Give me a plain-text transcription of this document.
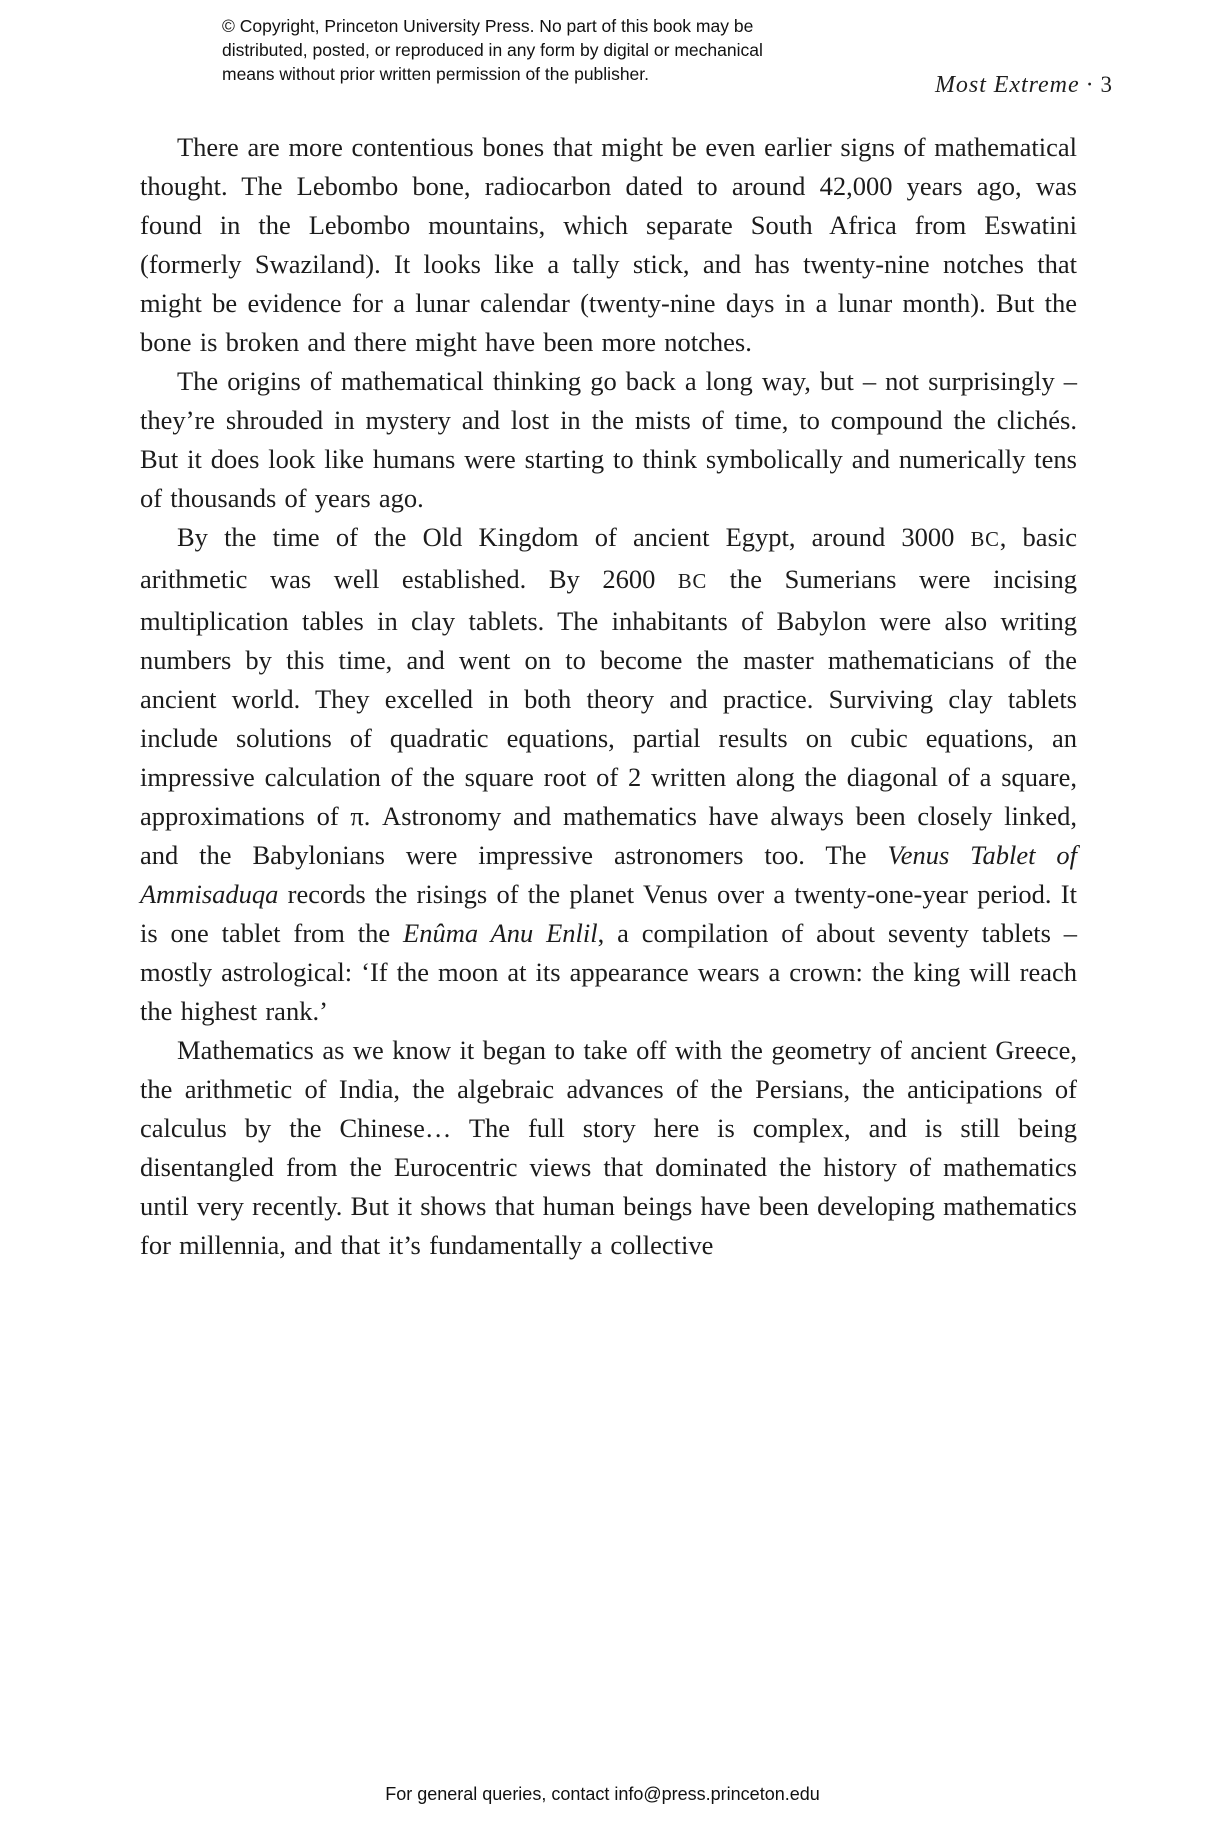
© Copyright, Princeton University Press. No part of this book may be
distributed, posted, or reproduced in any form by digital or mechanical
means without prior written permission of the publisher.	Most Extreme · 3

There are more contentious bones that might be even earlier signs of mathematical thought. The Lebombo bone, radiocarbon dated to around 42,000 years ago, was found in the Lebombo mountains, which separate South Africa from Eswatini (formerly Swaziland). It looks like a tally stick, and has twenty-nine notches that might be evidence for a lunar calendar (twenty-nine days in a lunar month). But the bone is broken and there might have been more notches.

The origins of mathematical thinking go back a long way, but – not surprisingly – they’re shrouded in mystery and lost in the mists of time, to compound the clichés. But it does look like humans were starting to think symbolically and numerically tens of thousands of years ago.

By the time of the Old Kingdom of ancient Egypt, around 3000 BC, basic arithmetic was well established. By 2600 BC the Sumerians were incising multiplication tables in clay tablets. The inhabitants of Babylon were also writing numbers by this time, and went on to become the master mathematicians of the ancient world. They excelled in both theory and practice. Surviving clay tablets include solutions of quadratic equations, partial results on cubic equations, an impressive calculation of the square root of 2 written along the diagonal of a square, approximations of π. Astronomy and mathematics have always been closely linked, and the Babylonians were impressive astronomers too. The Venus Tablet of Ammisaduqa records the risings of the planet Venus over a twenty-one-year period. It is one tablet from the Enûma Anu Enlil, a compilation of about seventy tablets – mostly astrological: ‘If the moon at its appearance wears a crown: the king will reach the highest rank.’

Mathematics as we know it began to take off with the geometry of ancient Greece, the arithmetic of India, the algebraic advances of the Persians, the anticipations of calculus by the Chinese… The full story here is complex, and is still being disentangled from the Eurocentric views that dominated the history of mathematics until very recently. But it shows that human beings have been developing mathematics for millennia, and that it’s fundamentally a collective

For general queries, contact info@press.princeton.edu
